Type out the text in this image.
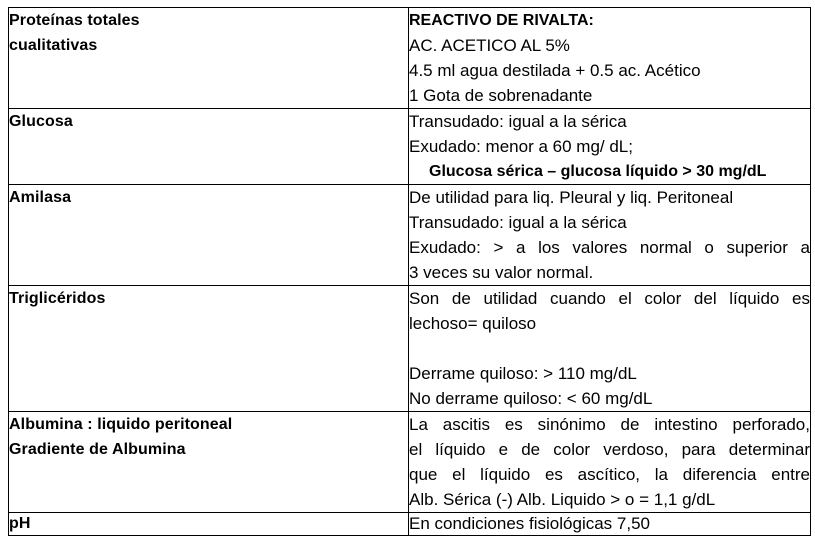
Proteínas totales
cualitativas	REACTIVO DE RIVALTA:
AC. ACETICO AL 5%
4.5 ml agua destilada + 0.5 ac. Acético
1 Gota de sobrenadante

Glucosa	Transudado: igual a la sérica
Exudado: menor a 60 mg/ dL;
Glucosa sérica – glucosa líquido > 30 mg/dL

Amilasa	De utilidad para liq. Pleural y liq. Peritoneal
Transudado: igual a la sérica
Exudado: > a los valores normal o superior a
3 veces su valor normal.

Triglicéridos	Son de utilidad cuando el color del líquido es
lechoso= quiloso
Derrame quiloso: > 110 mg/dL
No derrame quiloso: < 60 mg/dL

Albumina : liquido peritoneal
Gradiente de Albumina	La ascitis es sinónimo de intestino perforado,
el líquido e de color verdoso, para determinar
que el líquido es ascítico, la diferencia entre
Alb. Sérica (-) Alb. Liquido > o = 1,1 g/dL

pH	En condiciones fisiológicas 7,50
